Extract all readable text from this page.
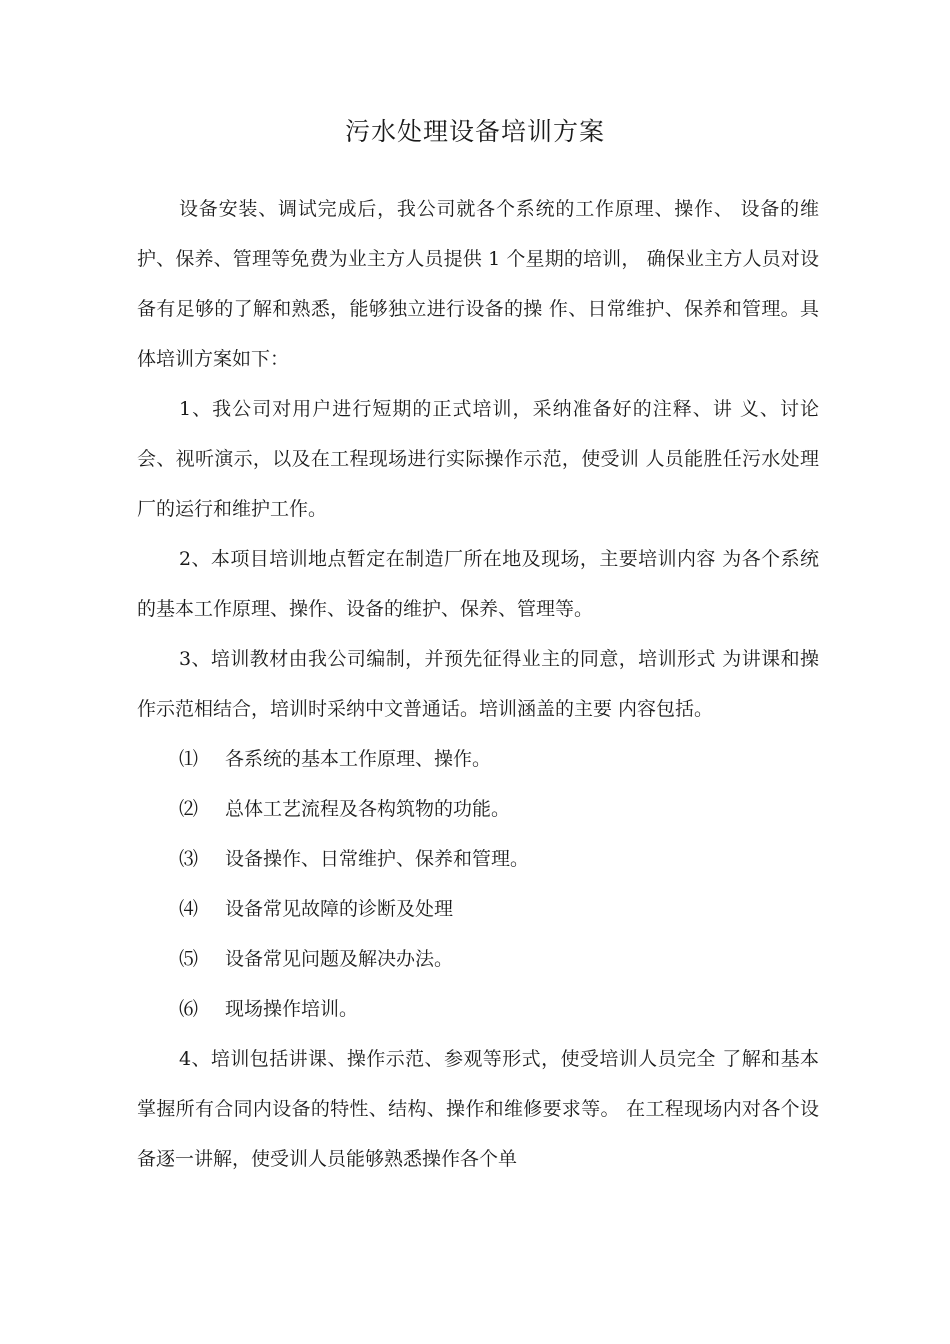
污水处理设备培训方案

设备安装、调试完成后，我公司就各个系统的工作原理、操作、 设备的维护、保养、管理等免费为业主方人员提供 1 个星期的培训， 确保业主方人员对设备有足够的了解和熟悉，能够独立进行设备的操 作、日常维护、保养和管理。具体培训方案如下：

1、我公司对用户进行短期的正式培训，采纳准备好的注释、讲 义、讨论会、视听演示，以及在工程现场进行实际操作示范，使受训 人员能胜任污水处理厂的运行和维护工作。

2、本项目培训地点暂定在制造厂所在地及现场，主要培训内容 为各个系统的基本工作原理、操作、设备的维护、保养、管理等。

3、培训教材由我公司编制，并预先征得业主的同意，培训形式 为讲课和操作示范相结合，培训时采纳中文普通话。培训涵盖的主要 内容包括。

⑴ 各系统的基本工作原理、操作。

⑵ 总体工艺流程及各构筑物的功能。

⑶ 设备操作、日常维护、保养和管理。

⑷ 设备常见故障的诊断及处理

⑸ 设备常见问题及解决办法。

⑹ 现场操作培训。

4、培训包括讲课、操作示范、参观等形式，使受培训人员完全 了解和基本掌握所有合同内设备的特性、结构、操作和维修要求等。 在工程现场内对各个设备逐一讲解，使受训人员能够熟悉操作各个单
